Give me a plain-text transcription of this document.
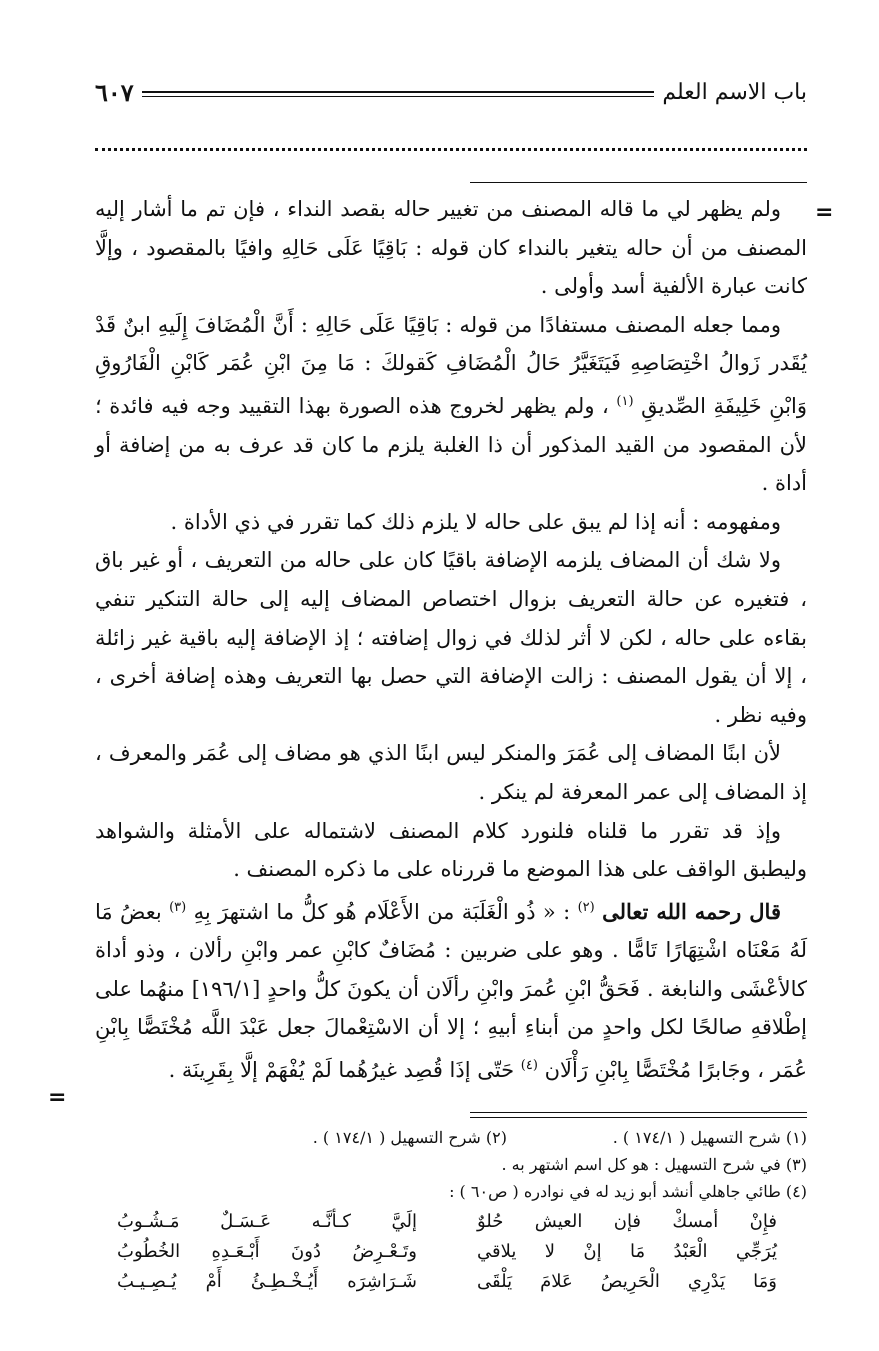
باب الاسم العلم
٦٠٧
=
=

ولم يظهر لي ما قاله المصنف من تغيير حاله بقصد النداء ، فإن تم ما أشار إليه المصنف من أن حاله يتغير بالنداء كان قوله : بَاقِيًا عَلَى حَالِهِ وافيًا بالمقصود ، وإلَّا كانت عبارة الألفية أسد وأولى .

ومما جعله المصنف مستفادًا من قوله : بَاقِيًا عَلَى حَالِهِ : أَنَّ الْمُضَافَ إِلَيهِ ابنٌ قَدْ يُقَدر زَوالُ اخْتِصَاصِهِ فَيَتَغَيَّرُ حَالُ الْمُضَافِ كَقولكَ : مَا مِنَ ابْنِ عُمَر كَابْنِ الْفَارُوقِ وَابْنِ خَلِيفَةِ الصِّديقِ $^{(١)}$ ، ولم يظهر لخروج هذه الصورة بهذا التقييد وجه فيه فائدة ؛ لأن المقصود من القيد المذكور أن ذا الغلبة يلزم ما كان قد عرف به من إضافة أو أداة .

ومفهومه : أنه إذا لم يبق على حاله لا يلزم ذلك كما تقرر في ذي الأداة .

ولا شك أن المضاف يلزمه الإضافة باقيًا كان على حاله من التعريف ، أو غير باق ، فتغيره عن حالة التعريف بزوال اختصاص المضاف إليه إلى حالة التنكير تنفي بقاءه على حاله ، لكن لا أثر لذلك في زوال إضافته ؛ إذ الإضافة إليه باقية غير زائلة ، إلا أن يقول المصنف : زالت الإضافة التي حصل بها التعريف وهذه إضافة أخرى ، وفيه نظر .

لأن ابنًا المضاف إلى عُمَرَ والمنكر ليس ابنًا الذي هو مضاف إلى عُمَر والمعرف ، إذ المضاف إلى عمر المعرفة لم ينكر .

وإذ قد تقرر ما قلناه فلنورد كلام المصنف لاشتماله على الأمثلة والشواهد وليطبق الواقف على هذا الموضع ما قررناه على ما ذكره المصنف .

قال رحمه الله تعالى $^{(٢)}$ : « ذُو الْغَلَبَة من الأَعْلَام هُو كلُّ ما اشتهرَ بِهِ $^{(٣)}$ بعضُ مَا لَهُ مَعْنَاه اشْتِهَارًا تَامًّا . وهو على ضربين : مُضَافٌ كابْنِ عمر وابْنِ رألان ، وذو أداة كالأعْشَى والنابغة . فَحَقُّ ابْنِ عُمرَ وابْنِ رألَان أن يكونَ كلُّ واحدٍ [١٩٦/١] منهُما على إطْلاقهِ صالحًا لكل واحدٍ من أبناءِ أبيهِ ؛ إلا أن الاسْتِعْمالَ جعل عَبْدَ اللَّه مُخْتَصًّا بِابْنِ عُمَر ، وجَابرًا مُخْتَصًّا بِابْنِ رَأْلَان $^{(٤)}$ حَتّى إذَا قُصِد غيرُهُما لَمْ يُفْهَمْ إلَّا بِقَرِينَة .

(١) شرح التسهيل ( ١٧٤/١ ) .
(٢) شرح التسهيل ( ١٧٤/١ ) .
(٣) في شرح التسهيل : هو كل اسم اشتهر به .
(٤) طائي جاهلي أنشد أبو زيد له في نوادره ( ص٦٠ ) :
فإِنْ أمسكْ فإن العيش حُلوٌ
إلَيَّ كـأنَّـه عَـسَـلٌ مَـشُـوبُ
يُرَجِّي الْعَبْدُ مَا إنْ لا يلاقي
وتَـعْـرِضُ دُونَ أَبْـعَـدِهِ الخُطُوبُ
وَمَا يَدْرِي الْحَرِيصُ عَلامَ يَلْقَى
شَـرَاشِرَه أَيُـخْـطِـئُ أَمْ يُـصِـيـبُ
